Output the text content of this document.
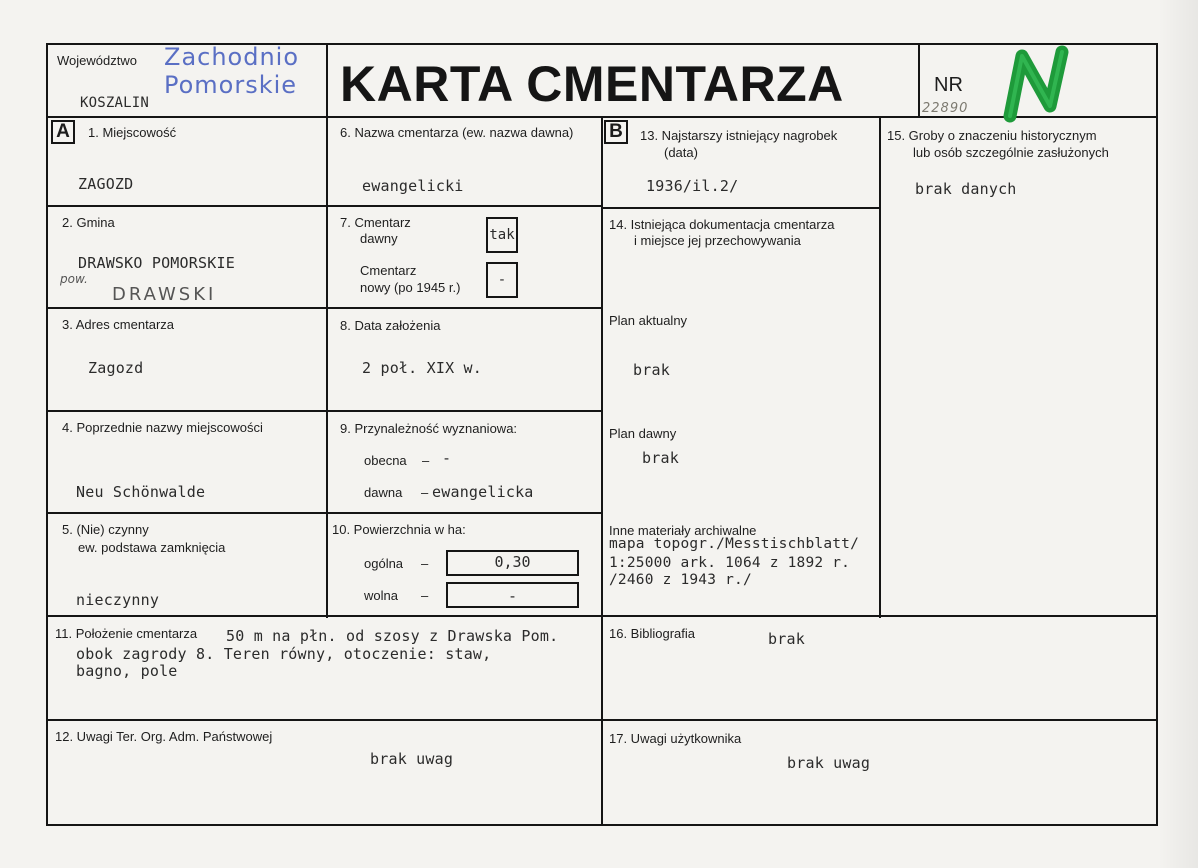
Województwo Zachodnio
Pomorskie
KOSZALIN	KARTA CMENTARZA	NR
22890
A	B
1. Miejscowość
ZAGOZD
2. Gmina
DRAWSKO POMORSKIE
pow.
DRAWSKI
3. Adres cmentarza
Zagozd
4. Poprzednie nazwy miejscowości
Neu Schönwalde
5. (Nie) czynny
ew. podstawa zamknięcia
nieczynny
6. Nazwa cmentarza (ew. nazwa dawna)
ewangelicki
7. Cmentarz
dawny	tak
Cmentarz
nowy (po 1945 r.)	-
8. Data założenia
2 poł. XIX w.
9. Przynależność wyznaniowa:
obecna – -
dawna – ewangelicka
10. Powierzchnia w ha:
ogólna –	0,30
wolna –	-
11. Położenie cmentarza 50 m na płn. od szosy z Drawska Pom.
obok zagrody 8. Teren równy, otoczenie: staw,
bagno, pole
12. Uwagi Ter. Org. Adm. Państwowej
brak uwag
13. Najstarszy istniejący nagrobek
(data)
1936/il.2/
14. Istniejąca dokumentacja cmentarza
i miejsce jej przechowywania
Plan aktualny
brak
Plan dawny
brak
Inne materiały archiwalne
mapa topogr./Messtischblatt/
1:25000 ark. 1064 z 1892 r.
/2460 z 1943 r./
15. Groby o znaczeniu historycznym
lub osób szczególnie zasłużonych
brak danych
16. Bibliografia	brak
17. Uwagi użytkownika
brak uwag
